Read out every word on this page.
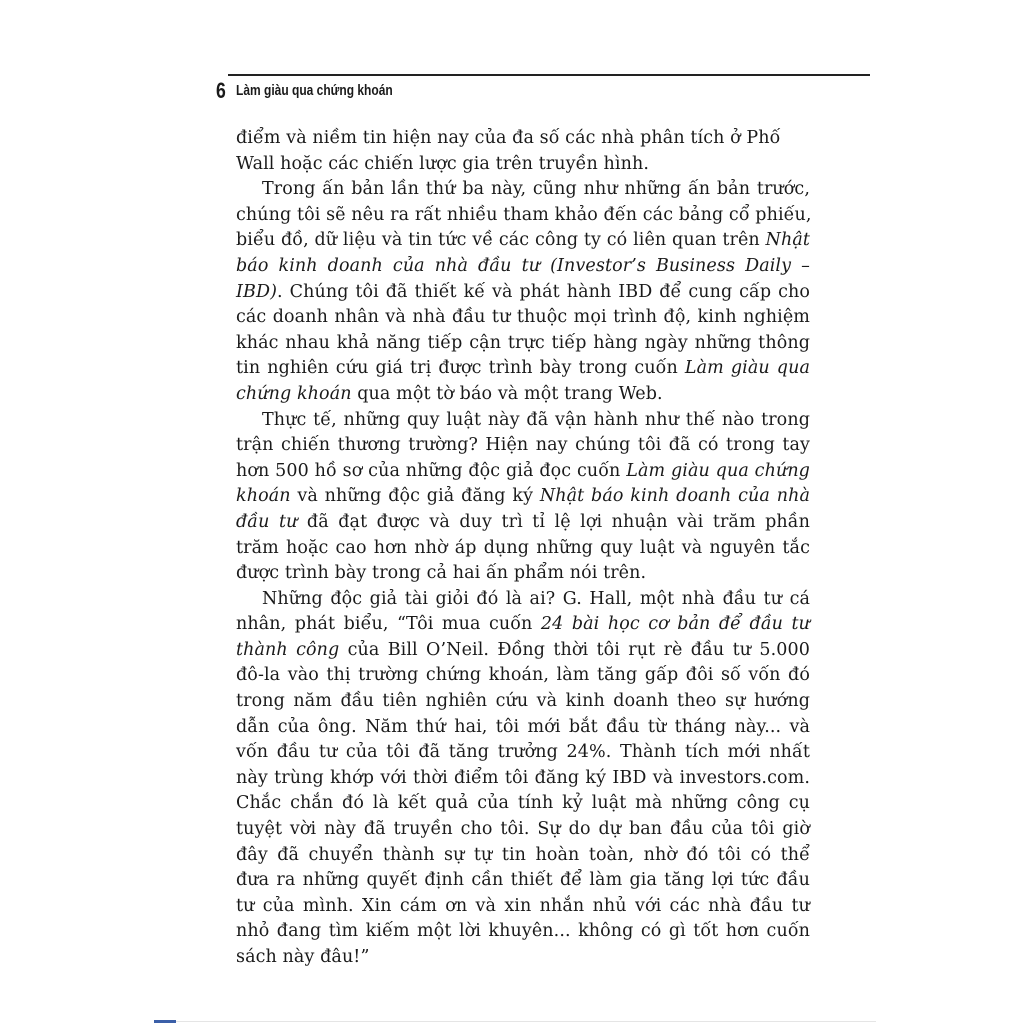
6 Làm giàu qua chứng khoán
điểm và niềm tin hiện nay của đa số các nhà phân tích ở Phố
Wall hoặc các chiến lược gia trên truyền hình.
Trong ấn bản lần thứ ba này, cũng như những ấn bản trước,
chúng tôi sẽ nêu ra rất nhiều tham khảo đến các bảng cổ phiếu,
biểu đồ, dữ liệu và tin tức về các công ty có liên quan trên Nhật
báo kinh doanh của nhà đầu tư (Investor’s Business Daily –
IBD). Chúng tôi đã thiết kế và phát hành IBD để cung cấp cho
các doanh nhân và nhà đầu tư thuộc mọi trình độ, kinh nghiệm
khác nhau khả năng tiếp cận trực tiếp hàng ngày những thông
tin nghiên cứu giá trị được trình bày trong cuốn Làm giàu qua
chứng khoán qua một tờ báo và một trang Web.
Thực tế, những quy luật này đã vận hành như thế nào trong
trận chiến thương trường? Hiện nay chúng tôi đã có trong tay
hơn 500 hồ sơ của những độc giả đọc cuốn Làm giàu qua chứng
khoán và những độc giả đăng ký Nhật báo kinh doanh của nhà
đầu tư đã đạt được và duy trì tỉ lệ lợi nhuận vài trăm phần
trăm hoặc cao hơn nhờ áp dụng những quy luật và nguyên tắc
được trình bày trong cả hai ấn phẩm nói trên.
Những độc giả tài giỏi đó là ai? G. Hall, một nhà đầu tư cá
nhân, phát biểu, “Tôi mua cuốn 24 bài học cơ bản để đầu tư
thành công của Bill O’Neil. Đồng thời tôi rụt rè đầu tư 5.000
đô-la vào thị trường chứng khoán, làm tăng gấp đôi số vốn đó
trong năm đầu tiên nghiên cứu và kinh doanh theo sự hướng
dẫn của ông. Năm thứ hai, tôi mới bắt đầu từ tháng này... và
vốn đầu tư của tôi đã tăng trưởng 24%. Thành tích mới nhất
này trùng khớp với thời điểm tôi đăng ký IBD và investors.com.
Chắc chắn đó là kết quả của tính kỷ luật mà những công cụ
tuyệt vời này đã truyền cho tôi. Sự do dự ban đầu của tôi giờ
đây đã chuyển thành sự tự tin hoàn toàn, nhờ đó tôi có thể
đưa ra những quyết định cần thiết để làm gia tăng lợi tức đầu
tư của mình. Xin cám ơn và xin nhắn nhủ với các nhà đầu tư
nhỏ đang tìm kiếm một lời khuyên... không có gì tốt hơn cuốn
sách này đâu!”
